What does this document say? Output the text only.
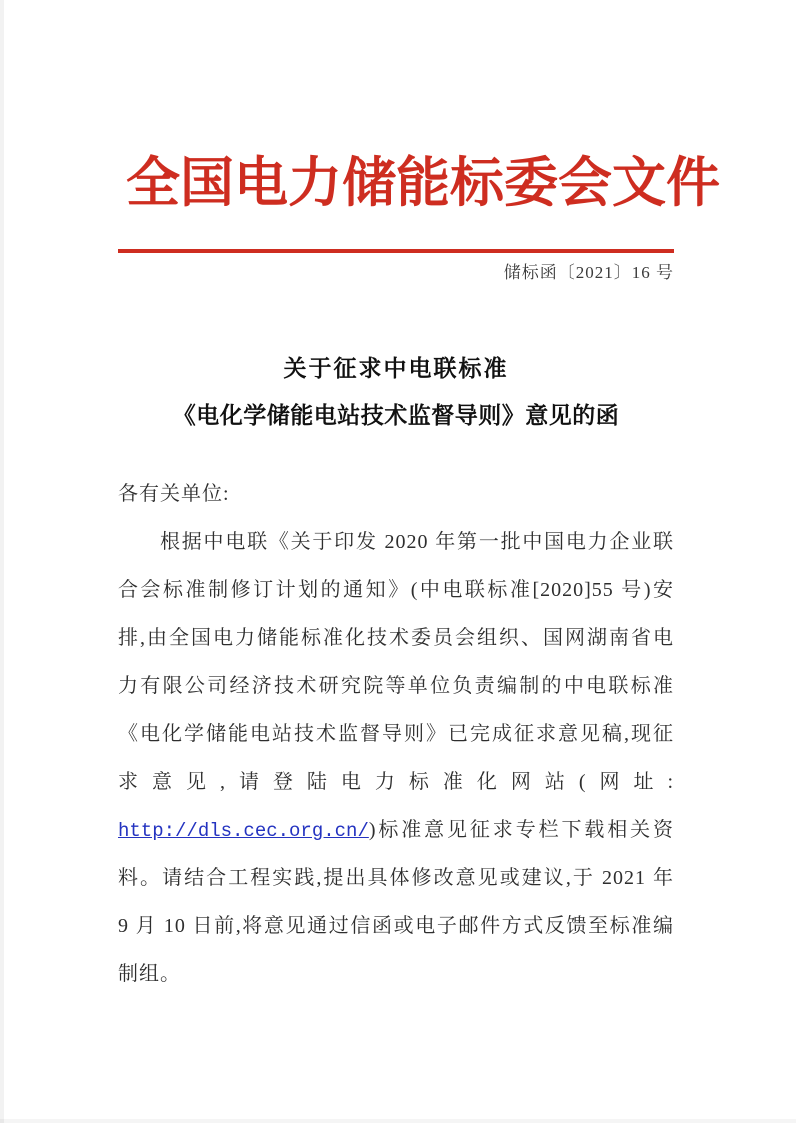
全国电力储能标委会文件
储标函〔2021〕16 号
关于征求中电联标准
《电化学储能电站技术监督导则》意见的函
各有关单位:
根据中电联《关于印发 2020 年第一批中国电力企业联
合会标准制修订计划的通知》(中电联标准[2020]55 号)安
排,由全国电力储能标准化技术委员会组织、国网湖南省电
力有限公司经济技术研究院等单位负责编制的中电联标准
《电化学储能电站技术监督导则》已完成征求意见稿,现征
求意见,请登陆电力标准化网站(网址:
http://dls.cec.org.cn/)标准意见征求专栏下载相关资
料。请结合工程实践,提出具体修改意见或建议,于 2021 年
9 月 10 日前,将意见通过信函或电子邮件方式反馈至标准编
制组。
